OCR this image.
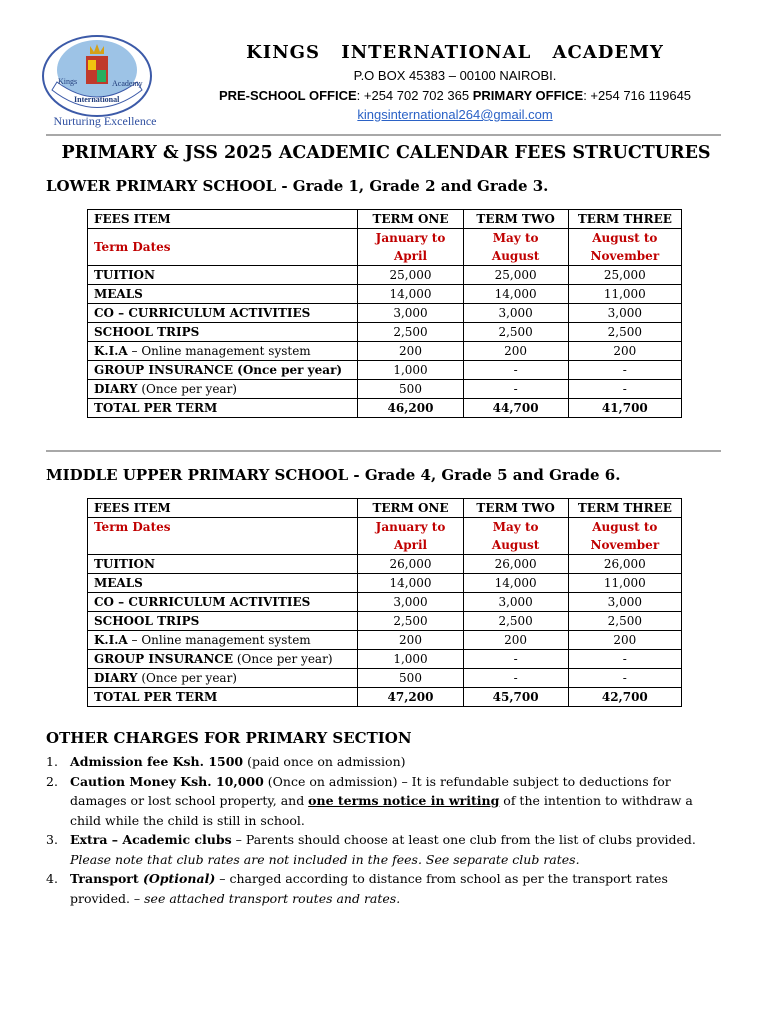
Kings
International
Academy
Nurturing Excellence
KINGS INTERNATIONAL ACADEMY
P.O BOX 45383 – 00100 NAIROBI.
PRE-SCHOOL OFFICE: +254 702 702 365 PRIMARY OFFICE: +254 716 119645
kingsinternational264@gmail.com
PRIMARY & JSS 2025 ACADEMIC CALENDAR FEES STRUCTURES
LOWER PRIMARY SCHOOL - Grade 1, Grade 2 and Grade 3.
FEES ITEM	TERM ONE	TERM TWO	TERM THREE
Term Dates	January to April	May to August	August to November
TUITION	25,000	25,000	25,000
MEALS	14,000	14,000	11,000
CO – CURRICULUM ACTIVITIES	3,000	3,000	3,000
SCHOOL TRIPS	2,500	2,500	2,500
K.I.A – Online management system	200	200	200
GROUP INSURANCE (Once per year)	1,000	-	-
DIARY (Once per year)	500	-	-
TOTAL PER TERM	46,200	44,700	41,700
MIDDLE UPPER PRIMARY SCHOOL - Grade 4, Grade 5 and Grade 6.
FEES ITEM	TERM ONE	TERM TWO	TERM THREE
Term Dates	January to April	May to August	August to November
TUITION	26,000	26,000	26,000
MEALS	14,000	14,000	11,000
CO – CURRICULUM ACTIVITIES	3,000	3,000	3,000
SCHOOL TRIPS	2,500	2,500	2,500
K.I.A – Online management system	200	200	200
GROUP INSURANCE (Once per year)	1,000	-	-
DIARY (Once per year)	500	-	-
TOTAL PER TERM	47,200	45,700	42,700
OTHER CHARGES FOR PRIMARY SECTION
1. Admission fee Ksh. 1500 (paid once on admission)
2. Caution Money Ksh. 10,000 (Once on admission) – It is refundable subject to deductions for damages or lost school property, and one terms notice in writing of the intention to withdraw a child while the child is still in school.
3. Extra – Academic clubs – Parents should choose at least one club from the list of clubs provided.
Please note that club rates are not included in the fees. See separate club rates.
4. Transport (Optional) – charged according to distance from school as per the transport rates provided. – see attached transport routes and rates.
